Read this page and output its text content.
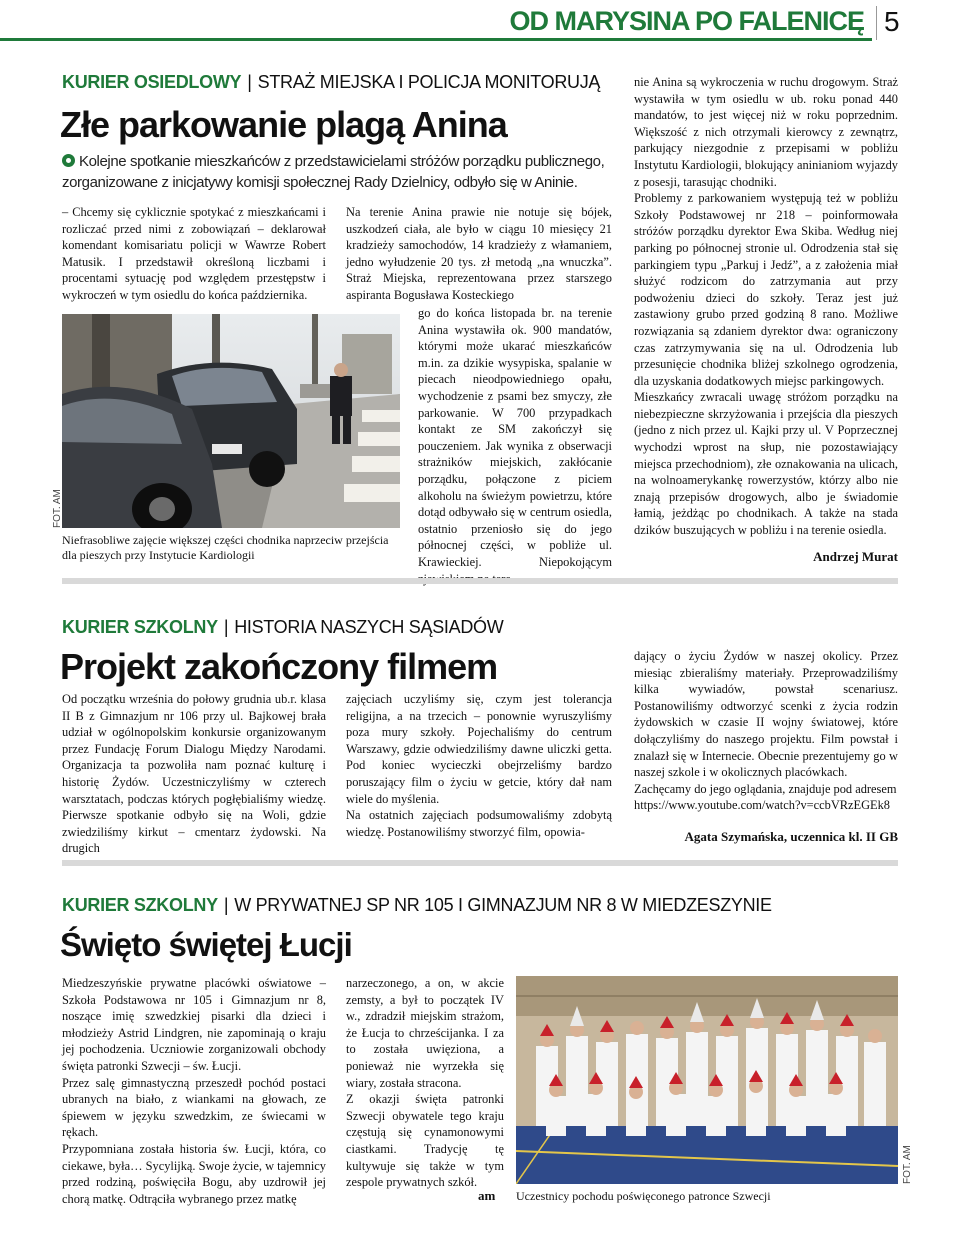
OD MARYSINA PO FALENICĘ 5
KURIER OSIEDLOWY | STRAŻ MIEJSKA I POLICJA MONITORUJĄ
Złe parkowanie plagą Anina
Kolejne spotkanie mieszkańców z przedstawicielami stróżów porządku publicznego, zorganizowane z inicjatywy komisji społecznej Rady Dzielnicy, odbyło się w Aninie.

– Chcemy się cyklicznie spotykać z mieszkańcami i rozliczać przed nimi z zobowiązań – deklarował komendant komisariatu policji w Wawrze Robert Matusik. I przedstawił określoną liczbami i procentami sytuację pod względem przestępstw i wykroczeń w tym osiedlu do końca października.

FOT. AM
Niefrasobliwe zajęcie większej części chodnika naprzeciw przejścia dla pieszych przy Instytucie Kardiologii

Na terenie Anina prawie nie notuje się bójek, uszkodzeń ciała, ale było w ciągu 10 miesięcy 21 kradzieży samochodów, 14 kradzieży z włamaniem, jedno wyłudzenie 20 tys. zł metodą „na wnuczka”. Straż Miejska, reprezentowana przez starszego aspiranta Bogusława Kosteckiego

go do końca listopada br. na terenie Anina wystawiła ok. 900 mandatów, którymi może ukarać mieszkańców m.in. za dzikie wysypiska, spalanie w piecach nieodpowiedniego opału, wychodzenie z psami bez smyczy, złe parkowanie. W 700 przypadkach kontakt ze SM zakończył się pouczeniem. Jak wynika z obserwacji strażników miejskich, zakłócanie porządku, połączone z piciem alkoholu na świeżym powietrzu, które dotąd odbywało się w centrum osiedla, ostatnio przeniosło się do jego północnej części, w pobliże ul. Krawieckiej. Niepokojącym

nie Anina są wykroczenia w ruchu drogowym. Straż wystawiła w tym osiedlu w ub. roku ponad 440 mandatów, to jest więcej niż w roku poprzednim. Większość z nich otrzymali kierowcy z zewnątrz, parkujący niezgodnie z przepisami w pobliżu Instytutu Kardiologii, blokujący aninianiom wyjazdy z posesji, tarasując chodniki.

Problemy z parkowaniem występują też w pobliżu Szkoły Podstawowej nr 218 – poinformowała stróżów porządku dyrektor Ewa Skiba. Według niej parking po północnej stronie ul. Odrodzenia stał się parkingiem typu „Parkuj i Jedź”, a z założenia miał służyć rodzicom do zatrzymania aut przy podwożeniu dzieci do szkoły. Teraz jest już zastawiony grubo przed godziną 8 rano. Możliwe rozwiązania są zdaniem dyrektor dwa: ograniczony czas zatrzymywania się na ul. Odrodzenia lub przesunięcie chodnika bliżej szkolnego ogrodzenia, dla uzyskania dodatkowych miejsc parkingowych.

Mieszkańcy zwracali uwagę stróżom porządku na niebezpieczne skrzyżowania i przejścia dla pieszych (jedno z nich przez ul. Kajki przy ul. V Poprzecznej wychodzi wprost na słup, nie pozostawiający miejsca przechodniom), złe oznakowania na ulicach, na wolnoamerykankę rowerzystów, którzy albo nie znają przepisów drogowych, albo je świadomie łamią, jeżdżąc po chodnikach. A także na stada dzików buszujących w pobliżu i na terenie osiedla.

Andrzej Murat
KURIER SZKOLNY | HISTORIA NASZYCH SĄSIADÓW
Projekt zakończony filmem

Od początku września do połowy grudnia ub.r. klasa II B z Gimnazjum nr 106 przy ul. Bajkowej brała udział w ogólnopolskim konkursie organizowanym przez Fundację Forum Dialogu Między Narodami. Organizacja ta pozwoliła nam poznać kulturę i historię Żydów. Uczestniczyliśmy w czterech warsztatach, podczas których pogłębialiśmy wiedzę. Pierwsze spotkanie odbyło się na Woli, gdzie zwiedziliśmy kirkut – cmentarz żydowski. Na drugich

zajęciach uczyliśmy się, czym jest tolerancja religijna, a na trzecich – ponownie wyruszyliśmy poza mury szkoły. Pojechaliśmy do centrum Warszawy, gdzie odwiedziliśmy dawne uliczki getta. Pod koniec wycieczki obejrzeliśmy bardzo poruszający film o życiu w getcie, który dał nam wiele do myślenia.

Na ostatnich zajęciach podsumowaliśmy zdobytą wiedzę. Postanowiliśmy stworzyć film, opowia-

dający o życiu Żydów w naszej okolicy. Przez miesiąc zbieraliśmy materiały. Przeprowadziliśmy kilka wywiadów, powstał scenariusz. Postanowiliśmy odtworzyć scenki z życia rodzin żydowskich w czasie II wojny światowej, które dołączyliśmy do naszego projektu. Film powstał i znalazł się w Internecie. Obecnie prezentujemy go w naszej szkole i w okolicznych placówkach.

Zachęcamy do jego oglądania, znajduje pod adresem https://www.youtube.com/watch?v=ccbVRzEGEk8

Agata Szymańska, uczennica kl. II GB
KURIER SZKOLNY | W PRYWATNEJ SP NR 105 I GIMNAZJUM NR 8 W MIEDZESZYNIE
Święto świętej Łucji

Miedzeszyńskie prywatne placówki oświatowe – Szkoła Podstawowa nr 105 i Gimnazjum nr 8, noszące imię szwedzkiej pisarki dla dzieci i młodzieży Astrid Lindgren, nie zapominają o kraju jej pochodzenia. Uczniowie zorganizowali obchody święta patronki Szwecji – św. Łucji.

Przez salę gimnastyczną przeszedł pochód postaci ubranych na biało, z wiankami na głowach, ze śpiewem w języku szwedzkim, ze świecami w rękach.

Przypomniana została historia św. Łucji, która, co ciekawe, była… Sycylijką. Swoje życie, w tajemnicy przed rodziną, poświęciła Bogu, aby uzdrowił jej chorą matkę. Odtrąciła wybranego przez matkę

narzeczonego, a on, w akcie zemsty, a był to początek IV w., zdradził miejskim strażom, że Łucja to chrześcijanka. I za to została uwięziona, a ponieważ nie wyrzekła się wiary, została stracona.

Z okazji święta patronki Szwecji obywatele tego kraju częstują się cynamonowymi ciastkami. Tradycję tę kultywuje się także w tym zespole prywatnych szkół.

am
FOT. AM
Uczestnicy pochodu poświęconego patronce Szwecji
